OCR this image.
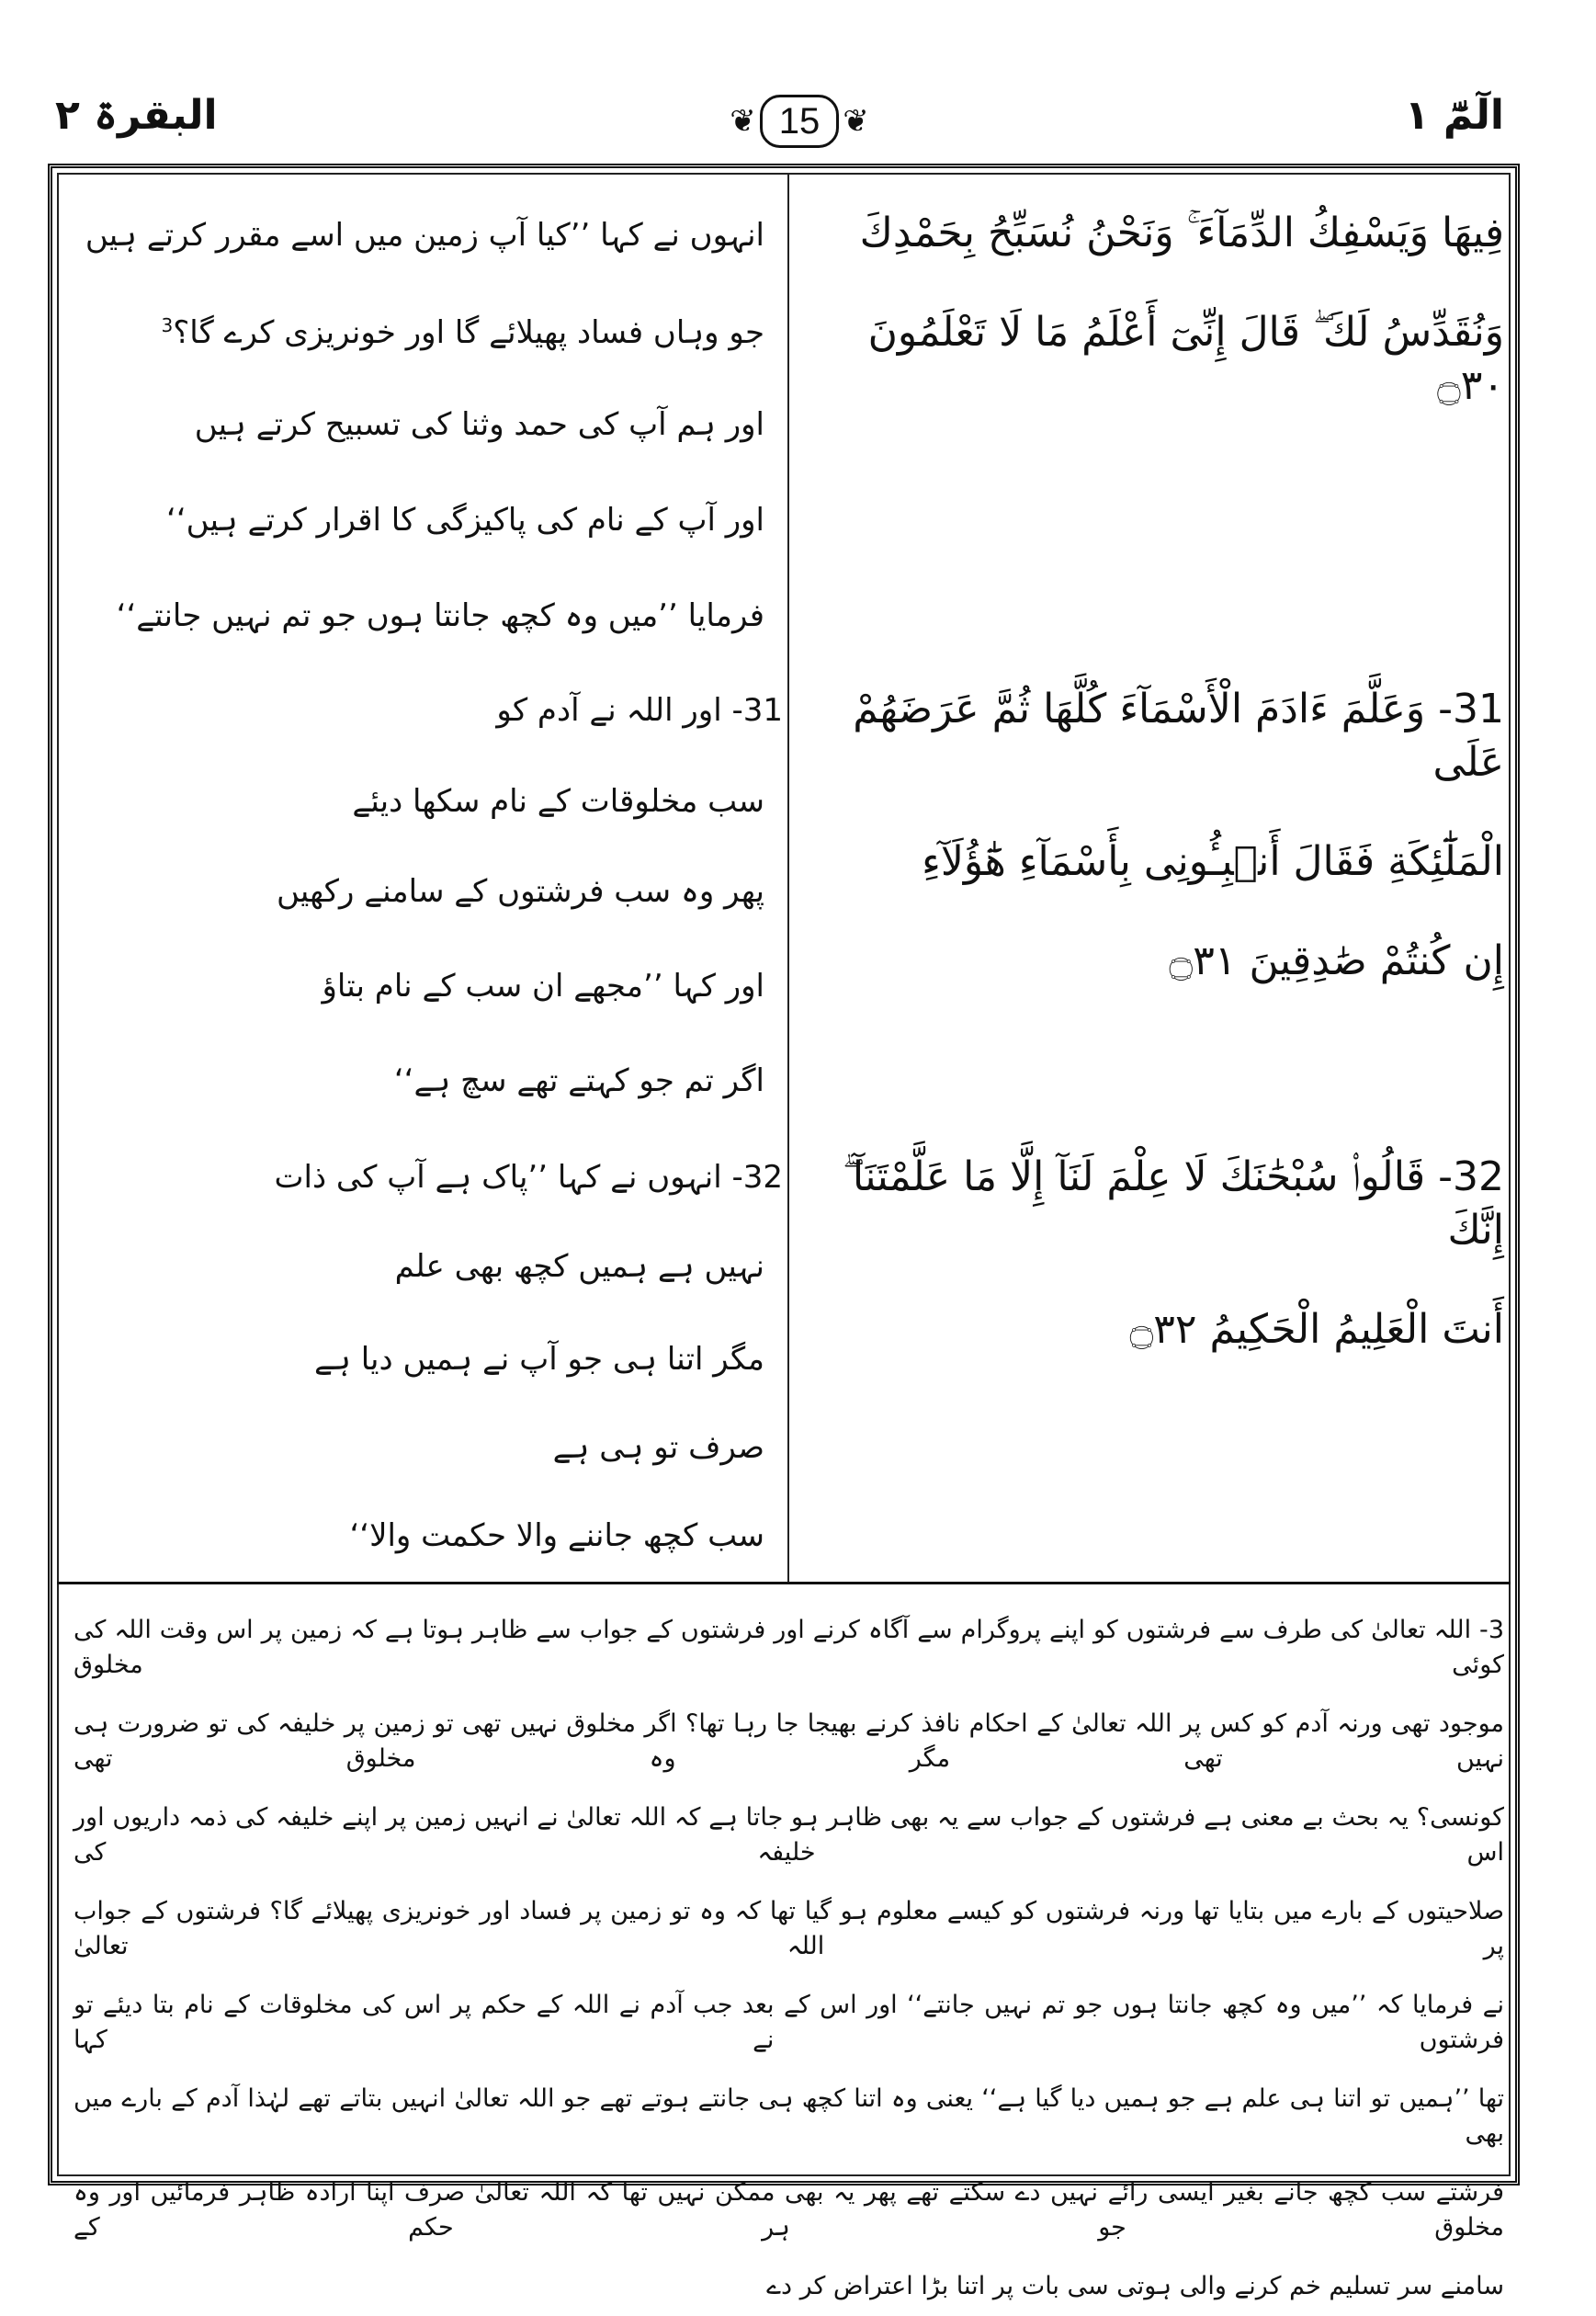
الٓمّٓ ١
البقرۃ ٢	❦ 15 ❦
فِيهَا وَيَسْفِكُ الدِّمَآءَ ۚ وَنَحْنُ نُسَبِّحُ بِحَمْدِكَ
وَنُقَدِّسُ لَكَ ۖ قَالَ إِنِّىٓ أَعْلَمُ مَا لَا تَعْلَمُونَ ۝٣٠
31- وَعَلَّمَ ءَادَمَ الْأَسْمَآءَ كُلَّهَا ثُمَّ عَرَضَهُمْ عَلَى
الْمَلَٰٓئِكَةِ فَقَالَ أَنۢبِـُٔونِى بِأَسْمَآءِ هَٰٓؤُلَآءِ
إِن كُنتُمْ صَٰدِقِينَ ۝٣١
32- قَالُوا۟ سُبْحَٰنَكَ لَا عِلْمَ لَنَآ إِلَّا مَا عَلَّمْتَنَآ ۖ إِنَّكَ
أَنتَ الْعَلِيمُ الْحَكِيمُ ۝٣٢
انہوں نے کہا ’’کیا آپ زمین میں اسے مقرر کرتے ہیں
جو وہاں فساد پھیلائے گا اور خونریزی کرے گا؟$^3$
اور ہم آپ کی حمد وثنا کی تسبیح کرتے ہیں
اور آپ کے نام کی پاکیزگی کا اقرار کرتے ہیں‘‘
فرمایا ’’میں وہ کچھ جانتا ہوں جو تم نہیں جانتے‘‘
31- اور اللہ نے آدم کو
سب مخلوقات کے نام سکھا دیئے
پھر وہ سب فرشتوں کے سامنے رکھیں
اور کہا ’’مجھے ان سب کے نام بتاؤ
اگر تم جو کہتے تھے سچ ہے‘‘
32- انہوں نے کہا ’’پاک ہے آپ کی ذات
نہیں ہے ہمیں کچھ بھی علم
مگر اتنا ہی جو آپ نے ہمیں دیا ہے
صرف تو ہی ہے
سب کچھ جاننے والا حکمت والا‘‘
3- اللہ تعالیٰ کی طرف سے فرشتوں کو اپنے پروگرام سے آگاہ کرنے اور فرشتوں کے جواب سے ظاہر ہوتا ہے کہ زمین پر اس وقت اللہ کی کوئی مخلوق
موجود تھی ورنہ آدم کو کس پر اللہ تعالیٰ کے احکام نافذ کرنے بھیجا جا رہا تھا؟ اگر مخلوق نہیں تھی تو زمین پر خلیفہ کی تو ضرورت ہی نہیں تھی مگر وہ مخلوق تھی
کونسی؟ یہ بحث بے معنی ہے فرشتوں کے جواب سے یہ بھی ظاہر ہو جاتا ہے کہ اللہ تعالیٰ نے انہیں زمین پر اپنے خلیفہ کی ذمہ داریوں اور اس خلیفہ کی
صلاحیتوں کے بارے میں بتایا تھا ورنہ فرشتوں کو کیسے معلوم ہو گیا تھا کہ وہ تو زمین پر فساد اور خونریزی پھیلائے گا؟ فرشتوں کے جواب پر اللہ تعالیٰ
نے فرمایا کہ ’’میں وہ کچھ جانتا ہوں جو تم نہیں جانتے‘‘ اور اس کے بعد جب آدم نے اللہ کے حکم پر اس کی مخلوقات کے نام بتا دیئے تو فرشتوں نے کہا
تھا ’’ہمیں تو اتنا ہی علم ہے جو ہمیں دیا گیا ہے‘‘ یعنی وہ اتنا کچھ ہی جانتے ہوتے تھے جو اللہ تعالیٰ انہیں بتاتے تھے لہٰذا آدم کے بارے میں بھی
فرشتے سب کچھ جانے بغیر ایسی رائے نہیں دے سکتے تھے پھر یہ بھی ممکن نہیں تھا کہ اللہ تعالیٰ صرف اپنا ارادہ ظاہر فرمائیں اور وہ مخلوق جو ہر حکم کے
سامنے سر تسلیم خم کرنے والی ہوتی سی بات پر اتنا بڑا اعتراض کر دے
